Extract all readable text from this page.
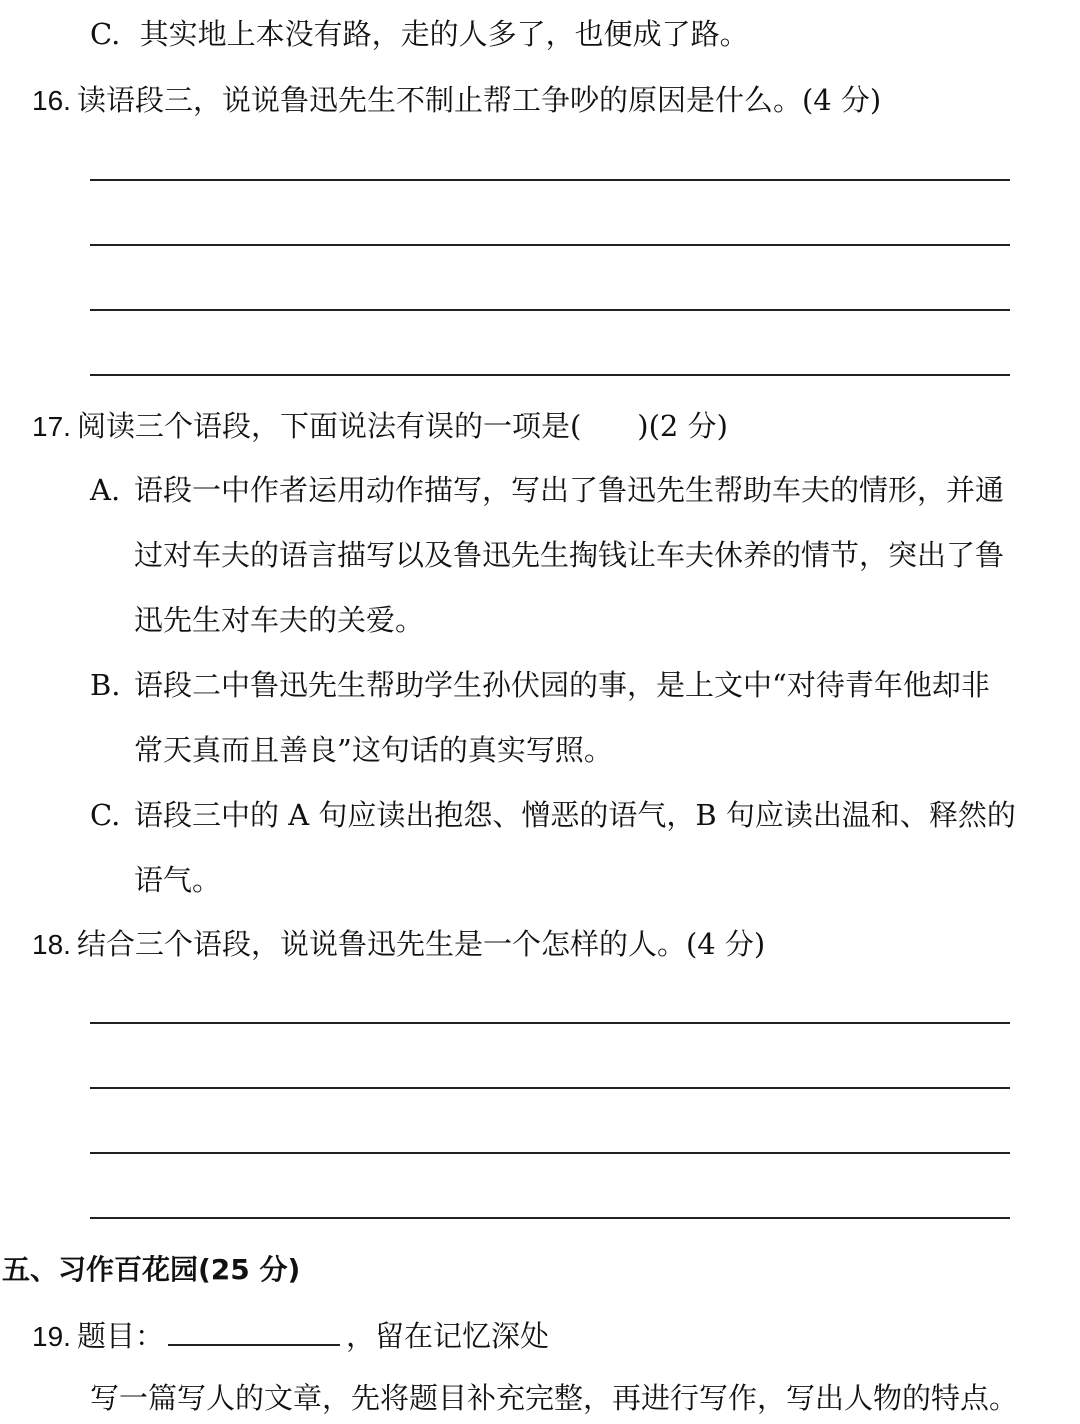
C. 其实地上本没有路，走的人多了，也便成了路。
16. 读语段三，说说鲁迅先生不制止帮工争吵的原因是什么。(4 分)
17. 阅读三个语段，下面说法有误的一项是( )(2 分)
A. 语段一中作者运用动作描写，写出了鲁迅先生帮助车夫的情形，并通
过对车夫的语言描写以及鲁迅先生掏钱让车夫休养的情节，突出了鲁
迅先生对车夫的关爱。
B. 语段二中鲁迅先生帮助学生孙伏园的事，是上文中“对待青年他却非
常天真而且善良”这句话的真实写照。
C. 语段三中的 A 句应读出抱怨、憎恶的语气，B 句应读出温和、释然的
语气。
18. 结合三个语段，说说鲁迅先生是一个怎样的人。(4 分)
五、习作百花园(25 分)
19. 题目：	，留在记忆深处
写一篇写人的文章，先将题目补充完整，再进行写作，写出人物的特点。
